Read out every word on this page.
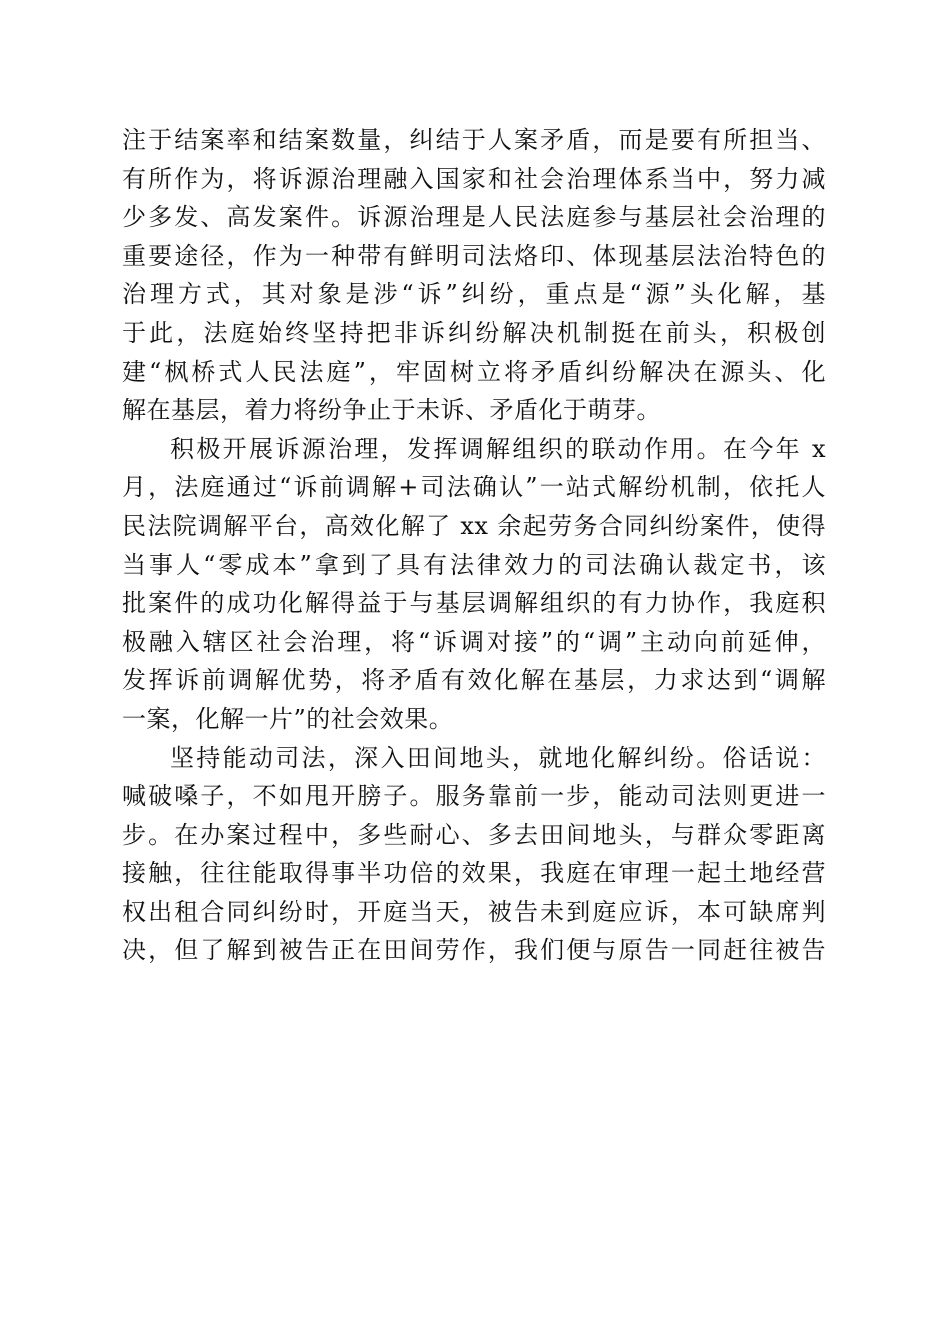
注于结案率和结案数量，纠结于人案矛盾，而是要有所担当、
有所作为，将诉源治理融入国家和社会治理体系当中，努力减
少多发、高发案件。诉源治理是人民法庭参与基层社会治理的
重要途径，作为一种带有鲜明司法烙印、体现基层法治特色的
治理方式，其对象是涉“诉”纠纷，重点是“源”头化解，基
于此，法庭始终坚持把非诉纠纷解决机制挺在前头，积极创
建“枫桥式人民法庭”，牢固树立将矛盾纠纷解决在源头、化
解在基层，着力将纷争止于未诉、矛盾化于萌芽。
积极开展诉源治理，发挥调解组织的联动作用。在今年 x
月，法庭通过“诉前调解+司法确认”一站式解纷机制，依托人
民法院调解平台，高效化解了 xx 余起劳务合同纠纷案件，使得
当事人“零成本”拿到了具有法律效力的司法确认裁定书，该
批案件的成功化解得益于与基层调解组织的有力协作，我庭积
极融入辖区社会治理，将“诉调对接”的“调”主动向前延伸，
发挥诉前调解优势，将矛盾有效化解在基层，力求达到“调解
一案，化解一片”的社会效果。
坚持能动司法，深入田间地头，就地化解纠纷。俗话说：
喊破嗓子，不如甩开膀子。服务靠前一步，能动司法则更进一
步。在办案过程中，多些耐心、多去田间地头，与群众零距离
接触，往往能取得事半功倍的效果，我庭在审理一起土地经营
权出租合同纠纷时，开庭当天，被告未到庭应诉，本可缺席判
决，但了解到被告正在田间劳作，我们便与原告一同赶往被告
